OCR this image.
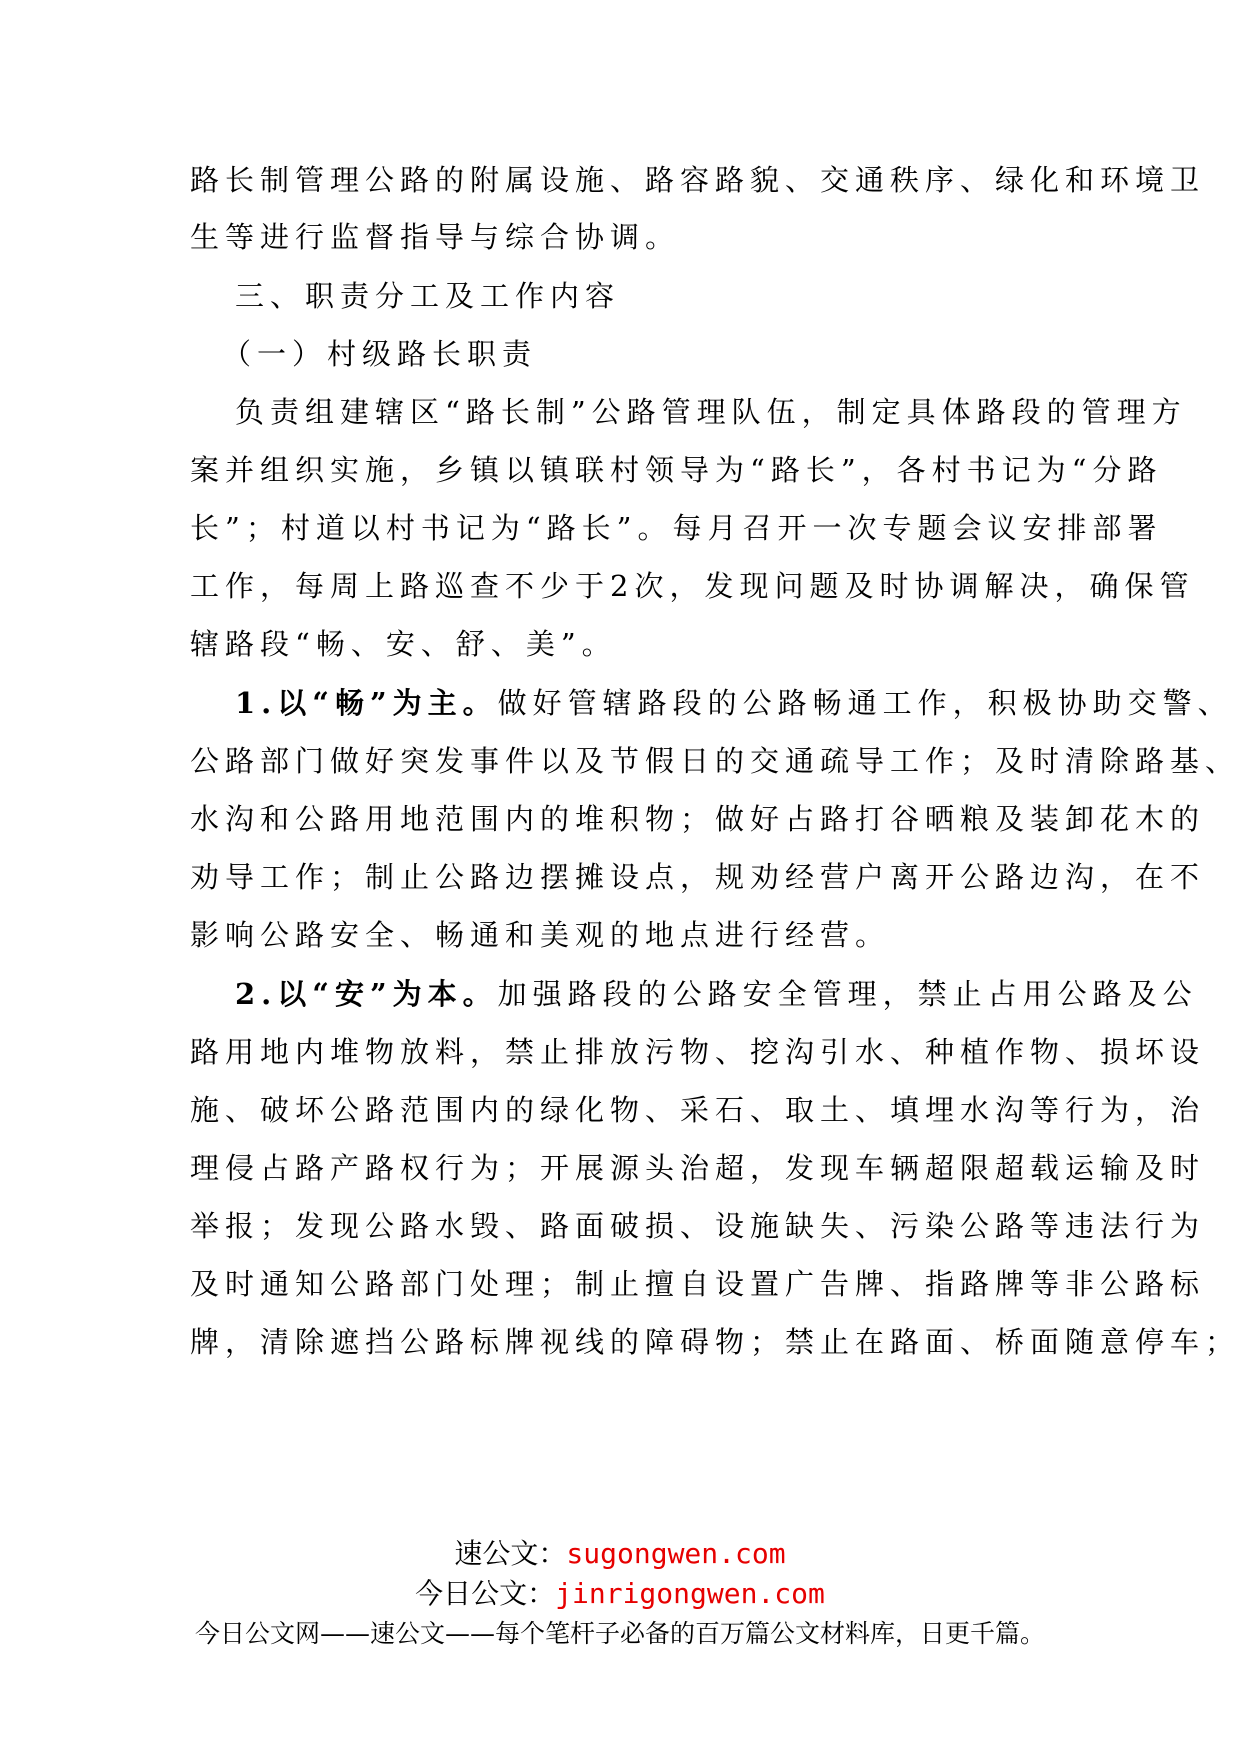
路长制管理公路的附属设施、路容路貌、交通秩序、绿化和环境卫
生等进行监督指导与综合协调。
三、职责分工及工作内容
（一）村级路长职责
负责组建辖区“路长制”公路管理队伍，制定具体路段的管理方
案并组织实施，乡镇以镇联村领导为“路长”，各村书记为“分路
长”；村道以村书记为“路长”。每月召开一次专题会议安排部署
工作，每周上路巡查不少于2次，发现问题及时协调解决，确保管
辖路段“畅、安、舒、美”。
1.以“畅”为主。做好管辖路段的公路畅通工作，积极协助交警、
公路部门做好突发事件以及节假日的交通疏导工作；及时清除路基、
水沟和公路用地范围内的堆积物；做好占路打谷晒粮及装卸花木的
劝导工作；制止公路边摆摊设点，规劝经营户离开公路边沟，在不
影响公路安全、畅通和美观的地点进行经营。
2.以“安”为本。加强路段的公路安全管理，禁止占用公路及公
路用地内堆物放料，禁止排放污物、挖沟引水、种植作物、损坏设
施、破坏公路范围内的绿化物、采石、取土、填埋水沟等行为，治
理侵占路产路权行为；开展源头治超，发现车辆超限超载运输及时
举报；发现公路水毁、路面破损、设施缺失、污染公路等违法行为
及时通知公路部门处理；制止擅自设置广告牌、指路牌等非公路标
牌，清除遮挡公路标牌视线的障碍物；禁止在路面、桥面随意停车；
速公文：sugongwen.com
今日公文：jinrigongwen.com
今日公文网——速公文——每个笔杆子必备的百万篇公文材料库，日更千篇。
